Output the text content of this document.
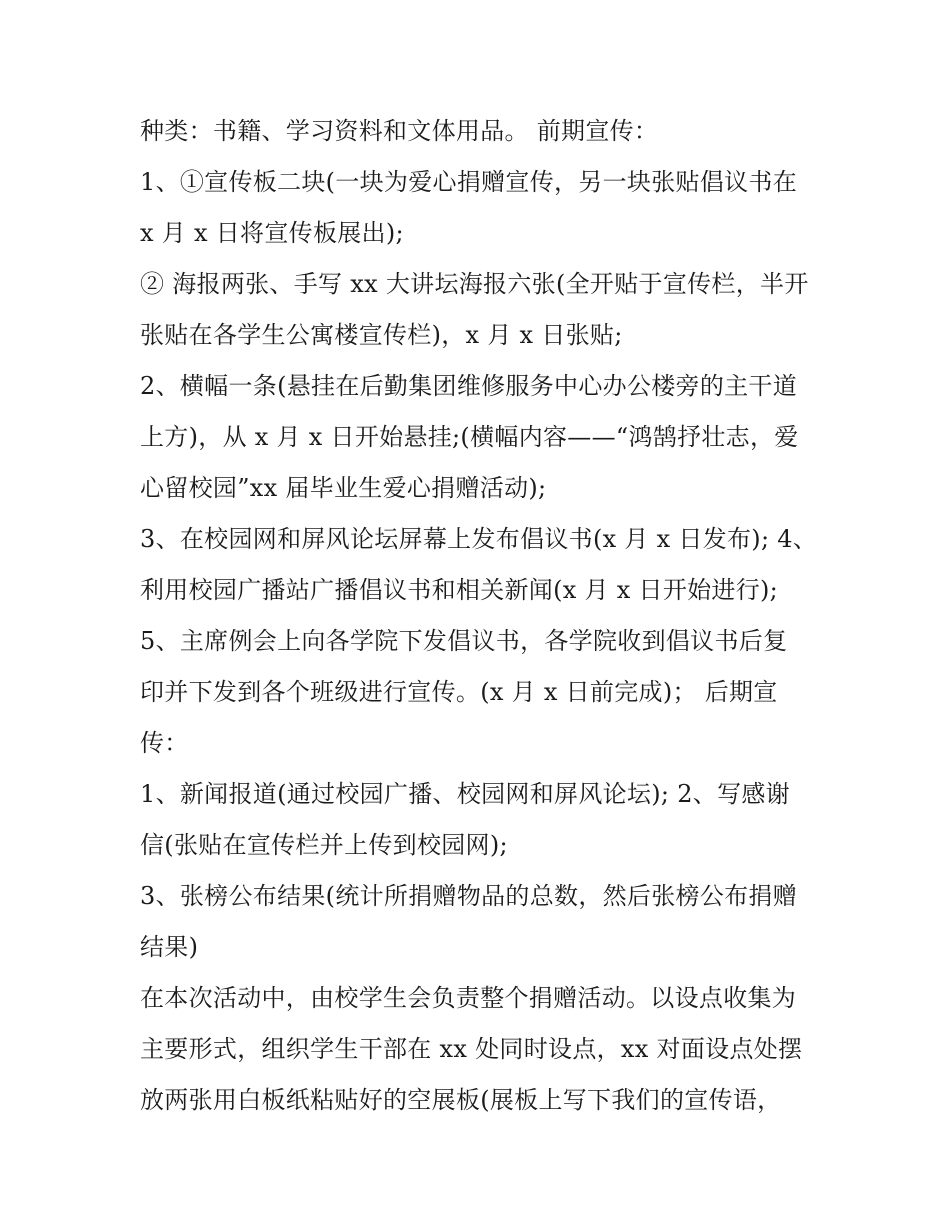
种类：书籍、学习资料和文体用品。 前期宣传：
1、①宣传板二块(一块为爱心捐赠宣传，另一块张贴倡议书在
x 月 x 日将宣传板展出);
② 海报两张、手写 xx 大讲坛海报六张(全开贴于宣传栏，半开
张贴在各学生公寓楼宣传栏)，x 月 x 日张贴;
2、横幅一条(悬挂在后勤集团维修服务中心办公楼旁的主干道
上方)，从 x 月 x 日开始悬挂;(横幅内容——“鸿鹄抒壮志，爱
心留校园”xx 届毕业生爱心捐赠活动);
3、在校园网和屏风论坛屏幕上发布倡议书(x 月 x 日发布); 4、
利用校园广播站广播倡议书和相关新闻(x 月 x 日开始进行);
5、主席例会上向各学院下发倡议书，各学院收到倡议书后复
印并下发到各个班级进行宣传。(x 月 x 日前完成)； 后期宣
传：
1、新闻报道(通过校园广播、校园网和屏风论坛); 2、写感谢
信(张贴在宣传栏并上传到校园网);
3、张榜公布结果(统计所捐赠物品的总数，然后张榜公布捐赠
结果)
在本次活动中，由校学生会负责整个捐赠活动。以设点收集为
主要形式，组织学生干部在 xx 处同时设点，xx 对面设点处摆
放两张用白板纸粘贴好的空展板(展板上写下我们的宣传语，
